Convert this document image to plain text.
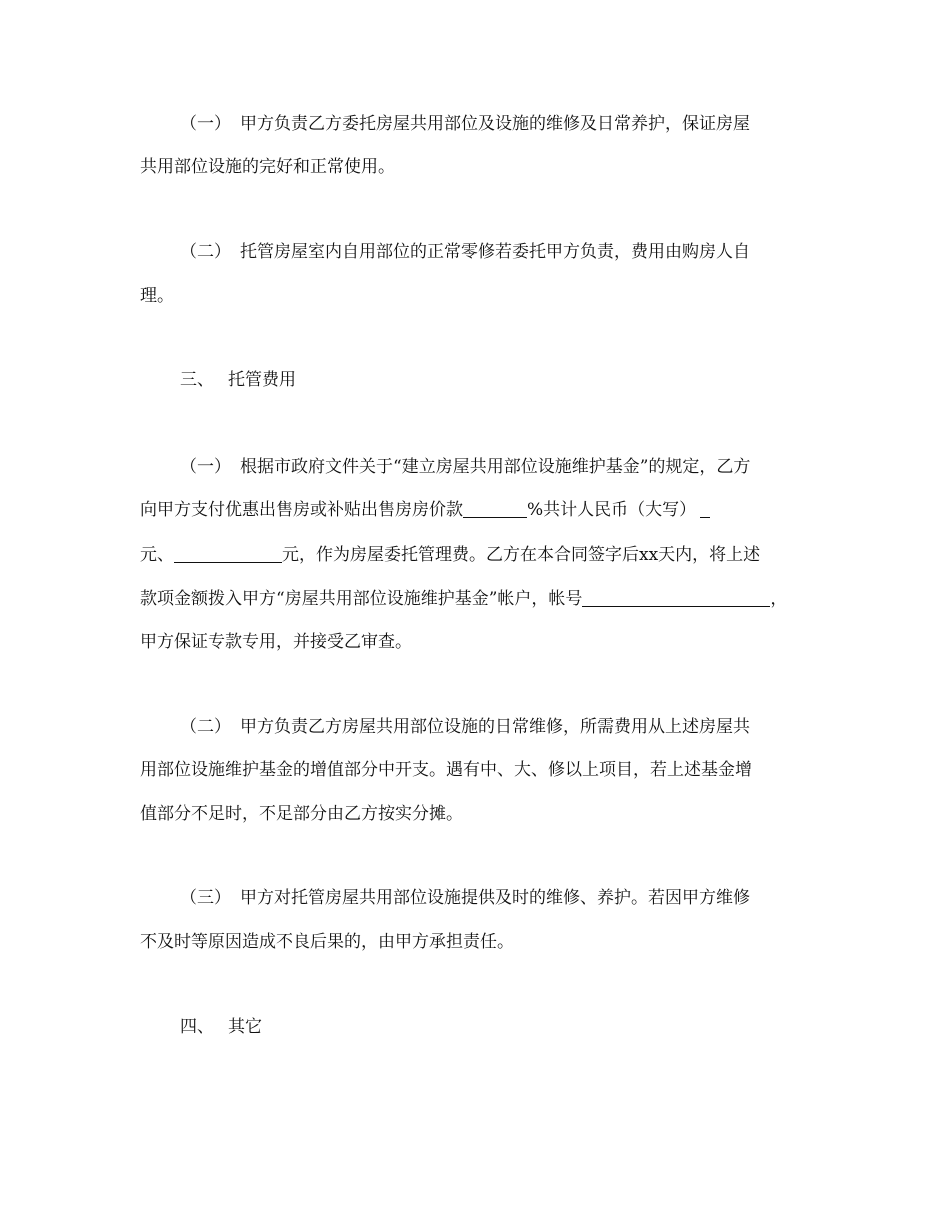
（一） 甲方负责乙方委托房屋共用部位及设施的维修及日常养护，保证房屋
共用部位设施的完好和正常使用。
（二） 托管房屋室内自用部位的正常零修若委托甲方负责，费用由购房人自
理。
三、 托管费用
（一） 根据市政府文件关于“建立房屋共用部位设施维护基金”的规定，乙方
向甲方支付优惠出售房或补贴出售房房价款	%共计人民币（大写）
元、	元，作为房屋委托管理费。乙方在本合同签字后xx天内，将上述
款项金额拨入甲方“房屋共用部位设施维护基金”帐户，帐号	，
甲方保证专款专用，并接受乙审查。
（二） 甲方负责乙方房屋共用部位设施的日常维修，所需费用从上述房屋共
用部位设施维护基金的增值部分中开支。遇有中、大、修以上项目，若上述基金增
值部分不足时，不足部分由乙方按实分摊。
（三） 甲方对托管房屋共用部位设施提供及时的维修、养护。若因甲方维修
不及时等原因造成不良后果的，由甲方承担责任。
四、 其它
